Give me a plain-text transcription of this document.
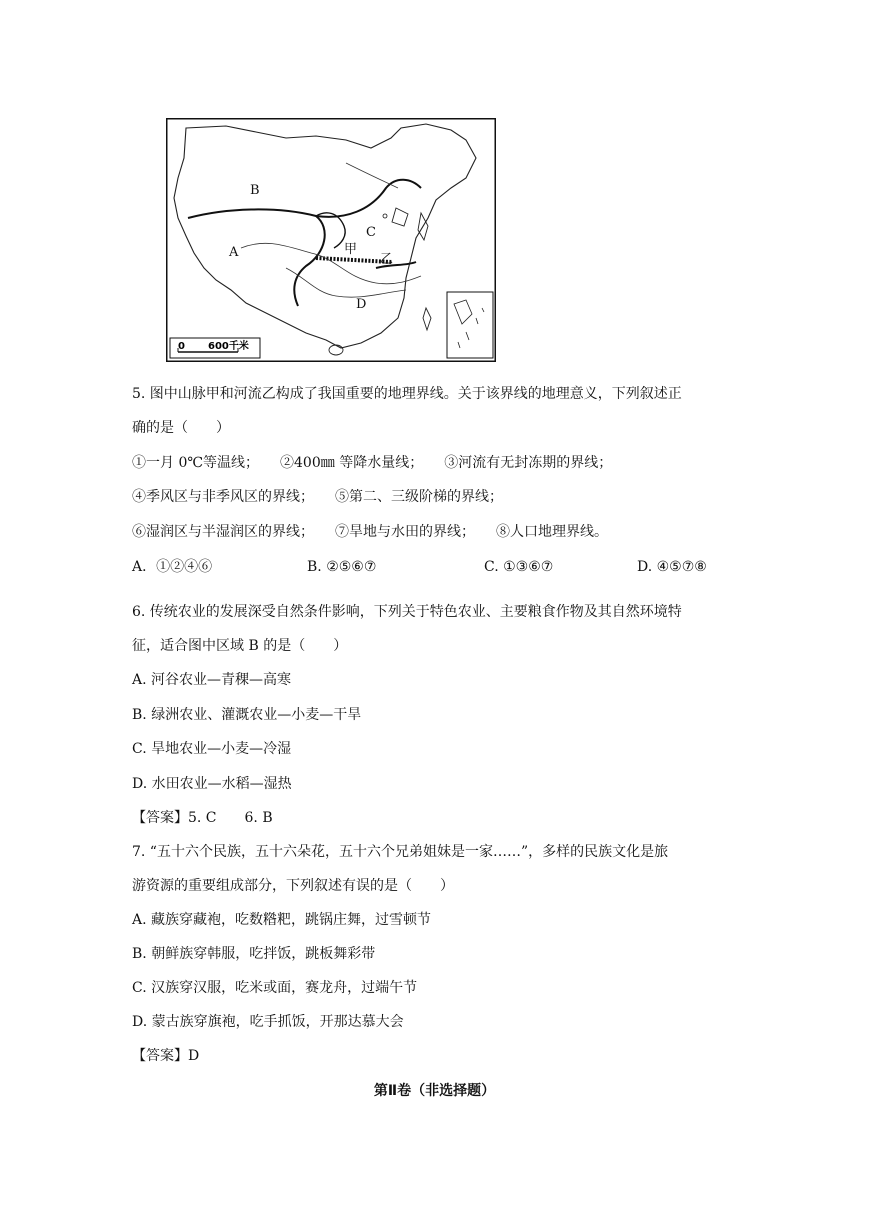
B
A
C
D
甲
乙
0 600千米
5. 图中山脉甲和河流乙构成了我国重要的地理界线。关于该界线的地理意义，下列叙述正
确的是（　　）
①一月 0℃等温线；　　②400㎜ 等降水量线；　　③河流有无封冻期的界线；
④季风区与非季风区的界线；　　⑤第二、三级阶梯的界线；
⑥湿润区与半湿润区的界线；　　⑦旱地与水田的界线；　　⑧人口地理界线。
A．①②④⑥	B. ②⑤⑥⑦	C. ①③⑥⑦	D. ④⑤⑦⑧
6. 传统农业的发展深受自然条件影响，下列关于特色农业、主要粮食作物及其自然环境特
征，适合图中区域 B 的是（　　）
A. 河谷农业—青稞—高寒
B. 绿洲农业、灌溉农业—小麦—干旱
C. 旱地农业—小麦—冷湿
D. 水田农业—水稻—湿热
【答案】5. C　　6. B
7. “五十六个民族，五十六朵花，五十六个兄弟姐妹是一家……”，多样的民族文化是旅
游资源的重要组成部分，下列叙述有误的是（　　）
A. 藏族穿藏袍，吃数糌粑，跳锅庄舞，过雪顿节
B. 朝鲜族穿韩服，吃拌饭，跳板舞彩带
C. 汉族穿汉服，吃米或面，赛龙舟，过端午节
D. 蒙古族穿旗袍，吃手抓饭，开那达慕大会
【答案】D
第Ⅱ卷（非选择题）
